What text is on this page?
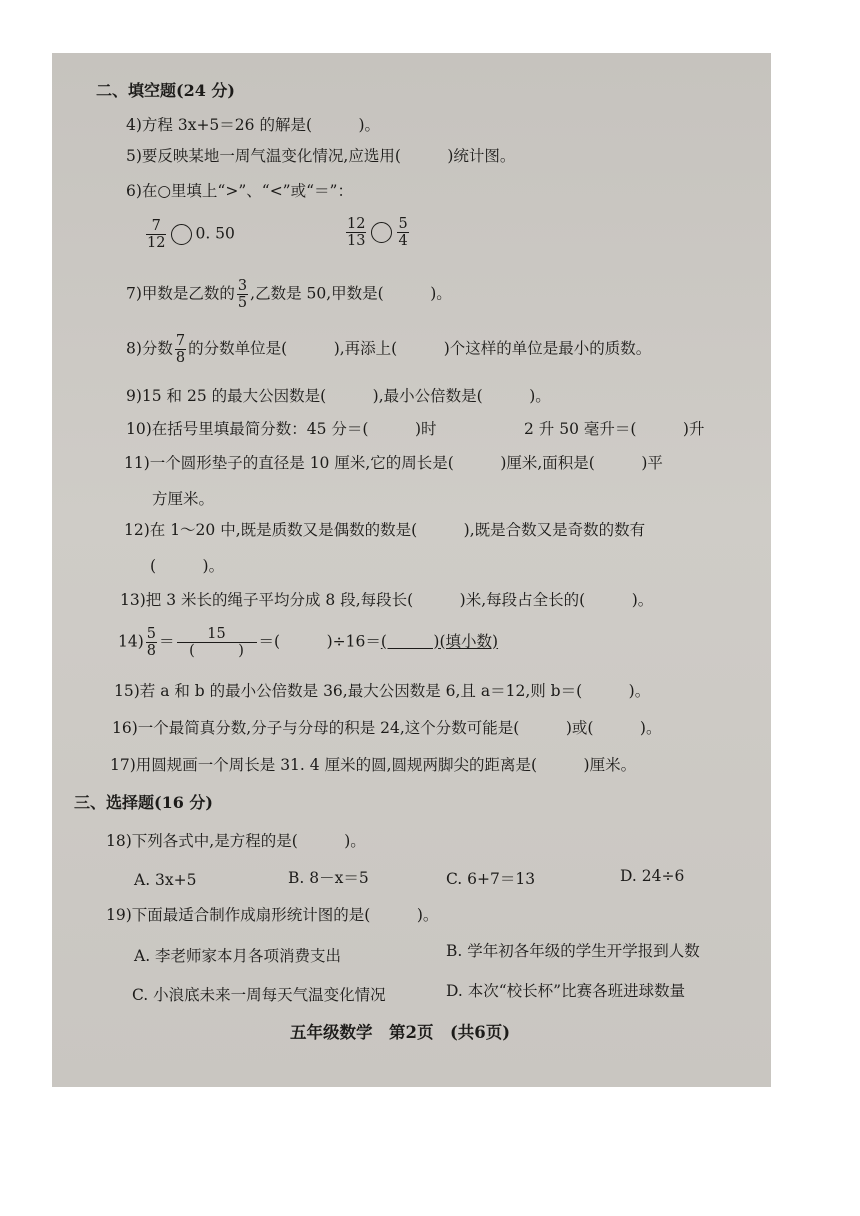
二、填空题(24 分)
4)方程 3x+5＝26 的解是(　　　)。
5)要反映某地一周气温变化情况,应选用(　　　)统计图。
6)在○里填上“>”、“<”或“＝”：
$\frac{7}{12} 0$. 50	$\frac{12}{13} \frac{5}{4}$
7)甲数是乙数的 $\frac{3}{5}$ ,乙数是 50,甲数是(　　　)。
8)分数 $\frac{7}{8}$ 的分数单位是(　　　),再添上(　　　)个这样的单位是最小的质数。
9)15 和 25 的最大公因数是(　　　),最小公倍数是(　　　)。
10)在括号里填最简分数：45 分＝(　　　)时	2 升 50 毫升＝(　　　)升
11)一个圆形垫子的直径是 10 厘米,它的周长是(　　　)厘米,面积是(　　　)平
方厘米。
12)在 1～20 中,既是质数又是偶数的数是(　　　),既是合数又是奇数的数有
(　　　)。
13)把 3 米长的绳子平均分成 8 段,每段长(　　　)米,每段占全长的(　　　)。
$14) \frac{5}{8} = \frac{15}{( )}$ ＝(　　　)÷16＝(　　　)(填小数)
15)若 a 和 b 的最小公倍数是 36,最大公因数是 6,且 a＝12,则 b＝(　　　)。
16)一个最简真分数,分子与分母的积是 24,这个分数可能是(　　　)或(　　　)。
17)用圆规画一个周长是 31. 4 厘米的圆,圆规两脚尖的距离是(　　　)厘米。
三、选择题(16 分)
18)下列各式中,是方程的是(　　　)。
A. 3x+5	B. 8－x＝5	C. 6+7＝13	D. 24÷6
19)下面最适合制作成扇形统计图的是(　　　)。
A. 李老师家本月各项消费支出	B. 学年初各年级的学生开学报到人数
C. 小浪底未来一周每天气温变化情况	D. 本次“校长杯”比赛各班进球数量
五年级数学　第2页　(共6页)
